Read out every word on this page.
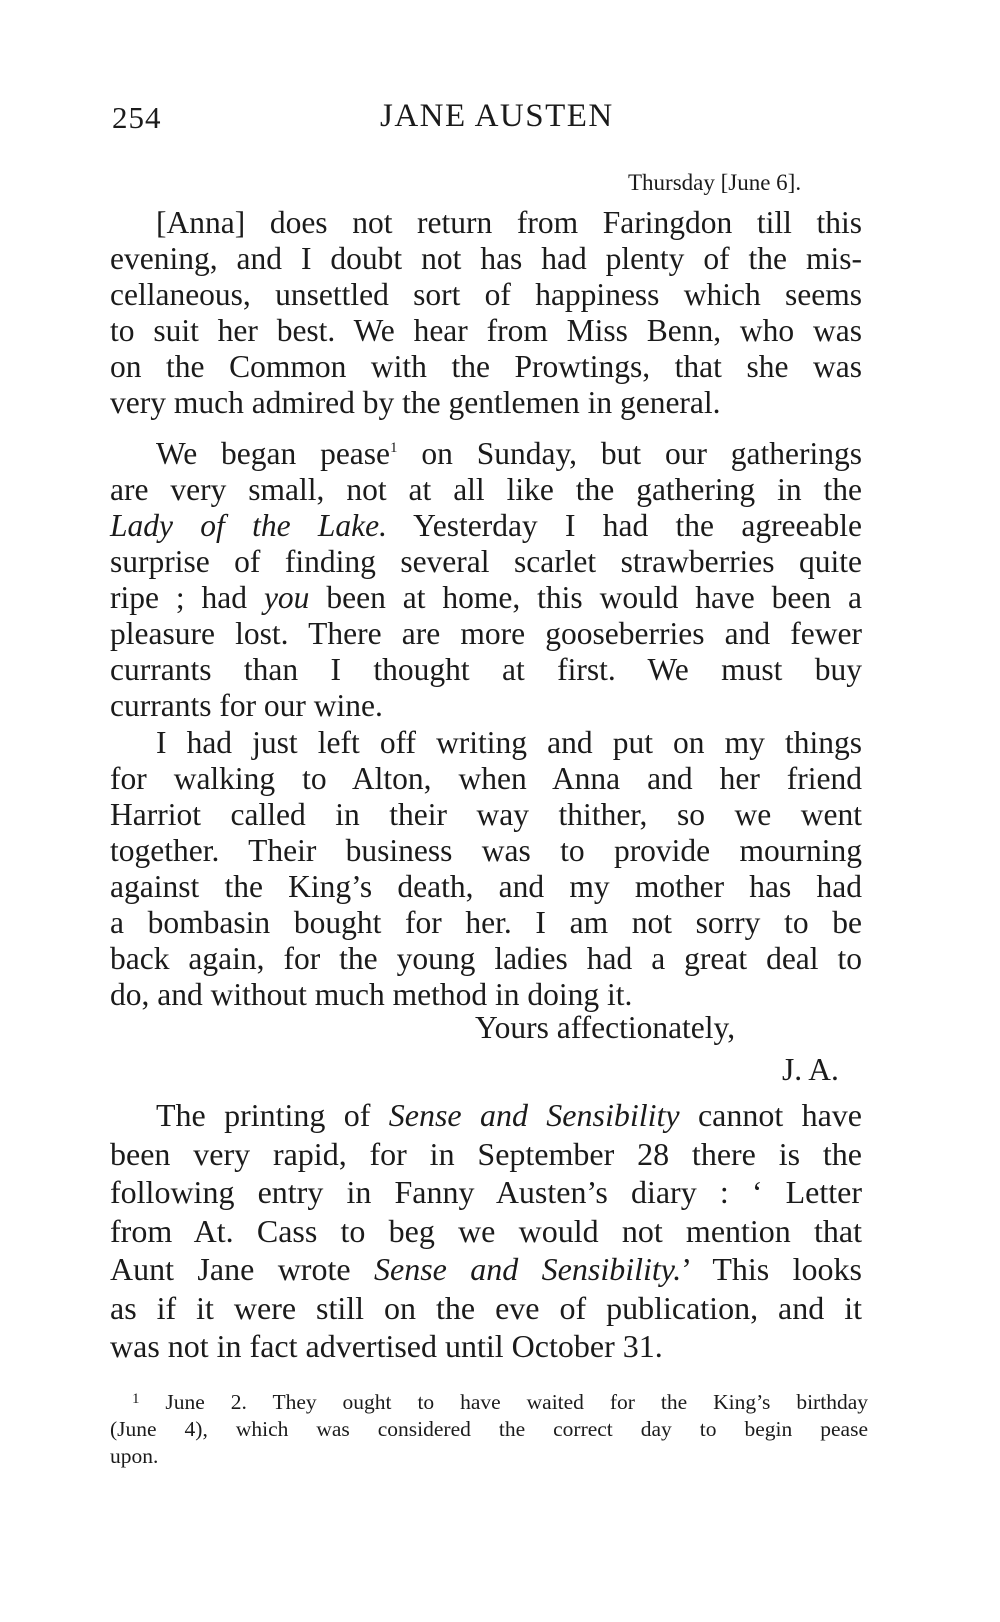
254	JANE AUSTEN
Thursday [June 6].
[Anna] does not return from Faringdon till this
evening, and I doubt not has had plenty of the mis-
cellaneous, unsettled sort of happiness which seems
to suit her best. We hear from Miss Benn, who was
on the Common with the Prowtings, that she was
very much admired by the gentlemen in general.
We began pease$^1$ on Sunday, but our gatherings
are very small, not at all like the gathering in the
Lady of the Lake. Yesterday I had the agreeable
surprise of finding several scarlet strawberries quite
ripe ; had you been at home, this would have been a
pleasure lost. There are more gooseberries and fewer
currants than I thought at first. We must buy
currants for our wine.
I had just left off writing and put on my things
for walking to Alton, when Anna and her friend
Harriot called in their way thither, so we went
together. Their business was to provide mourning
against the King’s death, and my mother has had
a bombasin bought for her. I am not sorry to be
back again, for the young ladies had a great deal to
do, and without much method in doing it.
Yours affectionately,
J. A.
The printing of Sense and Sensibility cannot have
been very rapid, for in September 28 there is the
following entry in Fanny Austen’s diary : ‘ Letter
from At. Cass to beg we would not mention that
Aunt Jane wrote Sense and Sensibility.’ This looks
as if it were still on the eve of publication, and it
was not in fact advertised until October 31.
$^1$ June 2. They ought to have waited for the King’s birthday
(June 4), which was considered the correct day to begin pease
upon.
